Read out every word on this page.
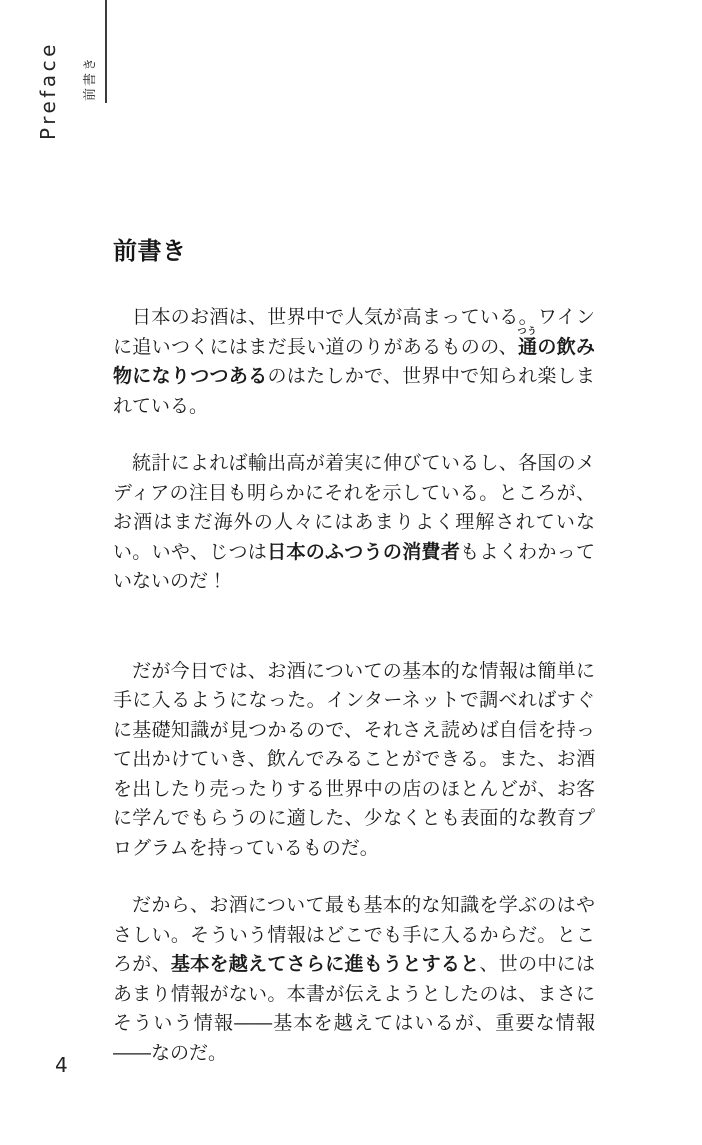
Preface	前書き
前書き

日本のお酒は、世界中で人気が高まっている。ワインに追いつくにはまだ長い道のりがあるものの、通つうの飲み物になりつつあるのはたしかで、世界中で知られ楽しまれている。

統計によれば輸出高が着実に伸びているし、各国のメディアの注目も明らかにそれを示している。ところが、お酒はまだ海外の人々にはあまりよく理解されていない。いや、じつは日本のふつうの消費者もよくわかっていないのだ！

だが今日では、お酒についての基本的な情報は簡単に手に入るようになった。インターネットで調べればすぐに基礎知識が見つかるので、それさえ読めば自信を持って出かけていき、飲んでみることができる。また、お酒を出したり売ったりする世界中の店のほとんどが、お客に学んでもらうのに適した、少なくとも表面的な教育プログラムを持っているものだ。

だから、お酒について最も基本的な知識を学ぶのはやさしい。そういう情報はどこでも手に入るからだ。ところが、基本を越えてさらに進もうとすると、世の中にはあまり情報がない。本書が伝えようとしたのは、まさにそういう情報――基本を越えてはいるが、重要な情報――なのだ。

4
